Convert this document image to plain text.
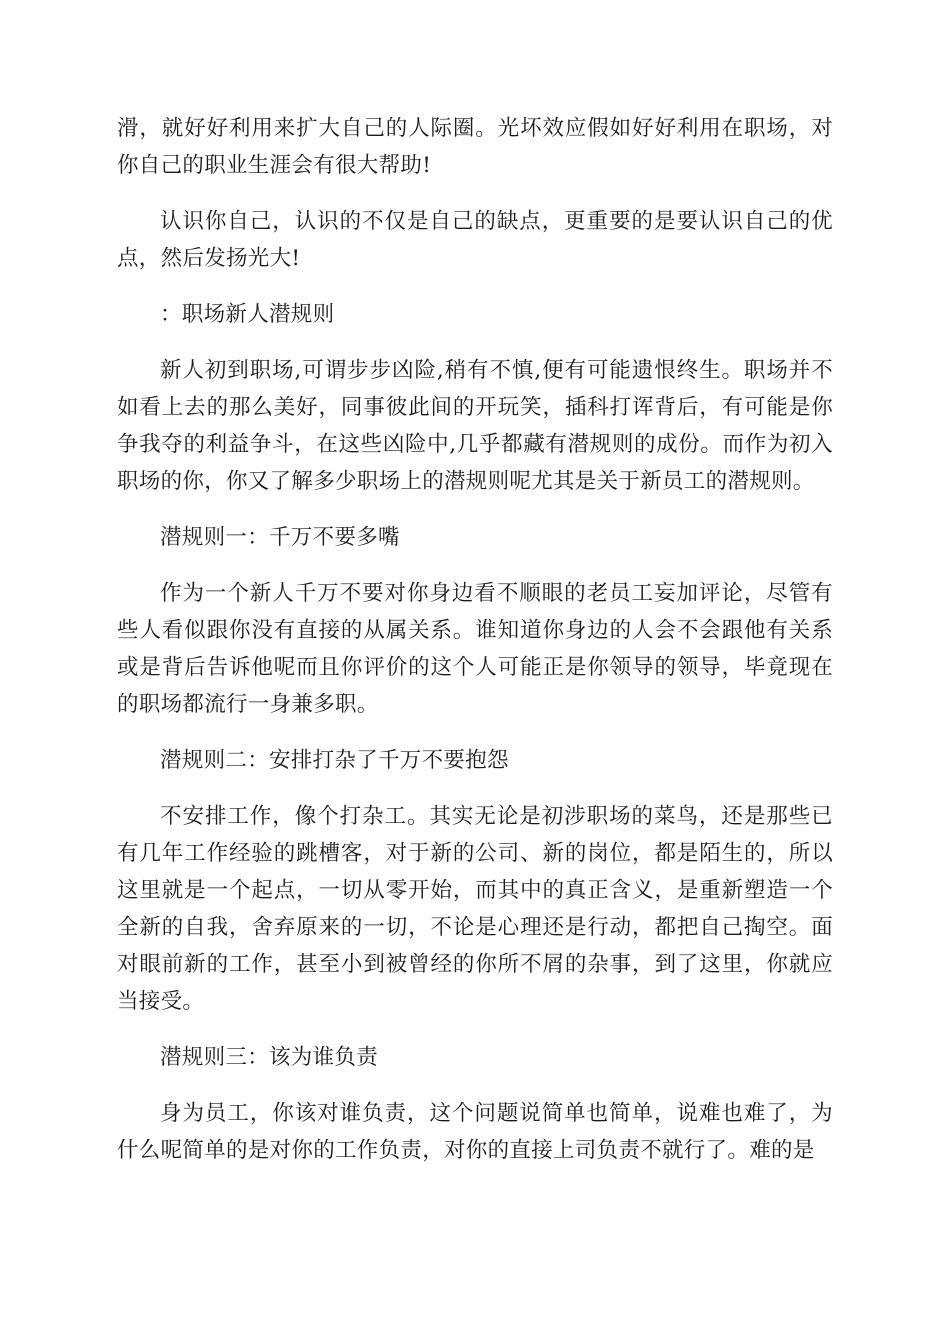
滑，就好好利用来扩大自己的人际圈。光坏效应假如好好利用在职场，对你自己的职业生涯会有很大帮助!

认识你自己，认识的不仅是自己的缺点，更重要的是要认识自己的优点，然后发扬光大!

：职场新人潜规则

新人初到职场,可谓步步凶险,稍有不慎,便有可能遗恨终生。职场并不如看上去的那么美好，同事彼此间的开玩笑，插科打诨背后，有可能是你争我夺的利益争斗，在这些凶险中,几乎都藏有潜规则的成份。而作为初入职场的你，你又了解多少职场上的潜规则呢尤其是关于新员工的潜规则。

潜规则一：千万不要多嘴

作为一个新人千万不要对你身边看不顺眼的老员工妄加评论，尽管有些人看似跟你没有直接的从属关系。谁知道你身边的人会不会跟他有关系或是背后告诉他呢而且你评价的这个人可能正是你领导的领导，毕竟现在的职场都流行一身兼多职。

潜规则二：安排打杂了千万不要抱怨

不安排工作，像个打杂工。其实无论是初涉职场的菜鸟，还是那些已有几年工作经验的跳槽客，对于新的公司、新的岗位，都是陌生的，所以这里就是一个起点，一切从零开始，而其中的真正含义，是重新塑造一个全新的自我，舍弃原来的一切，不论是心理还是行动，都把自己掏空。面对眼前新的工作，甚至小到被曾经的你所不屑的杂事，到了这里，你就应当接受。

潜规则三：该为谁负责

身为员工，你该对谁负责，这个问题说简单也简单，说难也难了，为什么呢简单的是对你的工作负责，对你的直接上司负责不就行了。难的是
